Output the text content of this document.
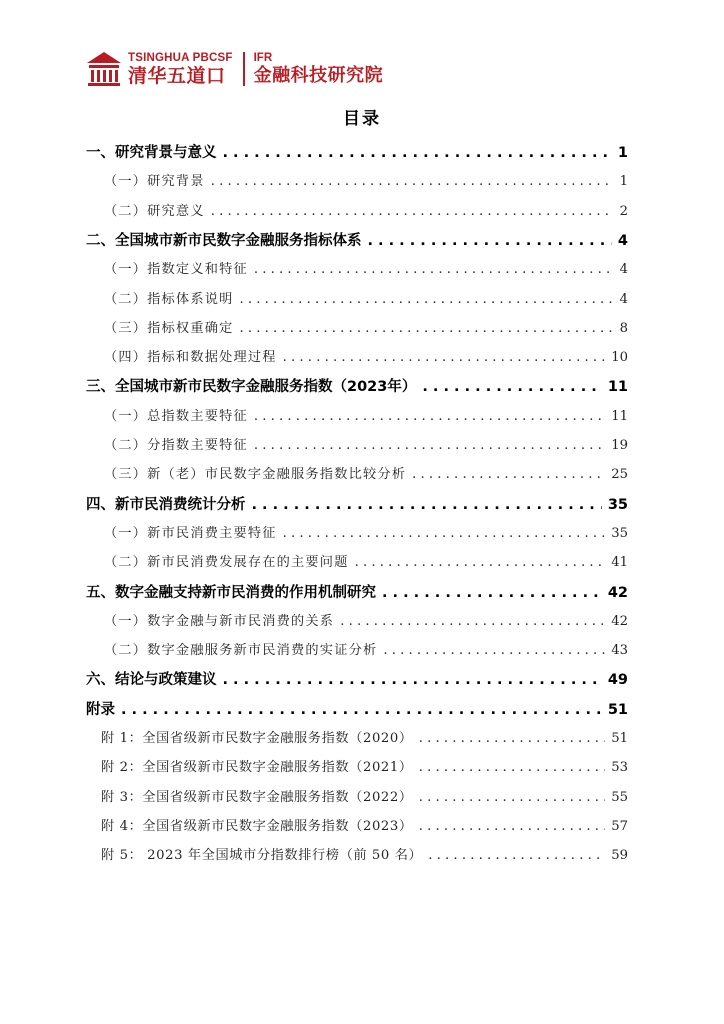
TSINGHUA PBCSF
清华五道口
IFR
金融科技研究院
目录
一、研究背景与意义 . . .	1
（一）研究背景 . . .	1
（二）研究意义 . . .	2
二、全国城市新市民数字金融服务指标体系 . . .	4
（一）指数定义和特征 . . .	4
（二）指标体系说明 . . .	4
（三）指标权重确定 . . .	8
（四）指标和数据处理过程 . . .	10
三、全国城市新市民数字金融服务指数（2023年） . . .	11
（一）总指数主要特征 . . .	11
（二）分指数主要特征 . . .	19
（三）新（老）市民数字金融服务指数比较分析 . . .	25
四、新市民消费统计分析 . . .	35
（一）新市民消费主要特征 . . .	35
（二）新市民消费发展存在的主要问题 . . .	41
五、数字金融支持新市民消费的作用机制研究 . . .	42
（一）数字金融与新市民消费的关系 . . .	42
（二）数字金融服务新市民消费的实证分析 . . .	43
六、结论与政策建议 . . .	49
附录 . . .	51
附 1：全国省级新市民数字金融服务指数（2020） . . .	51
附 2：全国省级新市民数字金融服务指数（2021） . . .	53
附 3：全国省级新市民数字金融服务指数（2022） . . .	55
附 4：全国省级新市民数字金融服务指数（2023） . . .	57
附 5： 2023 年全国城市分指数排行榜（前 50 名） . . .	59
